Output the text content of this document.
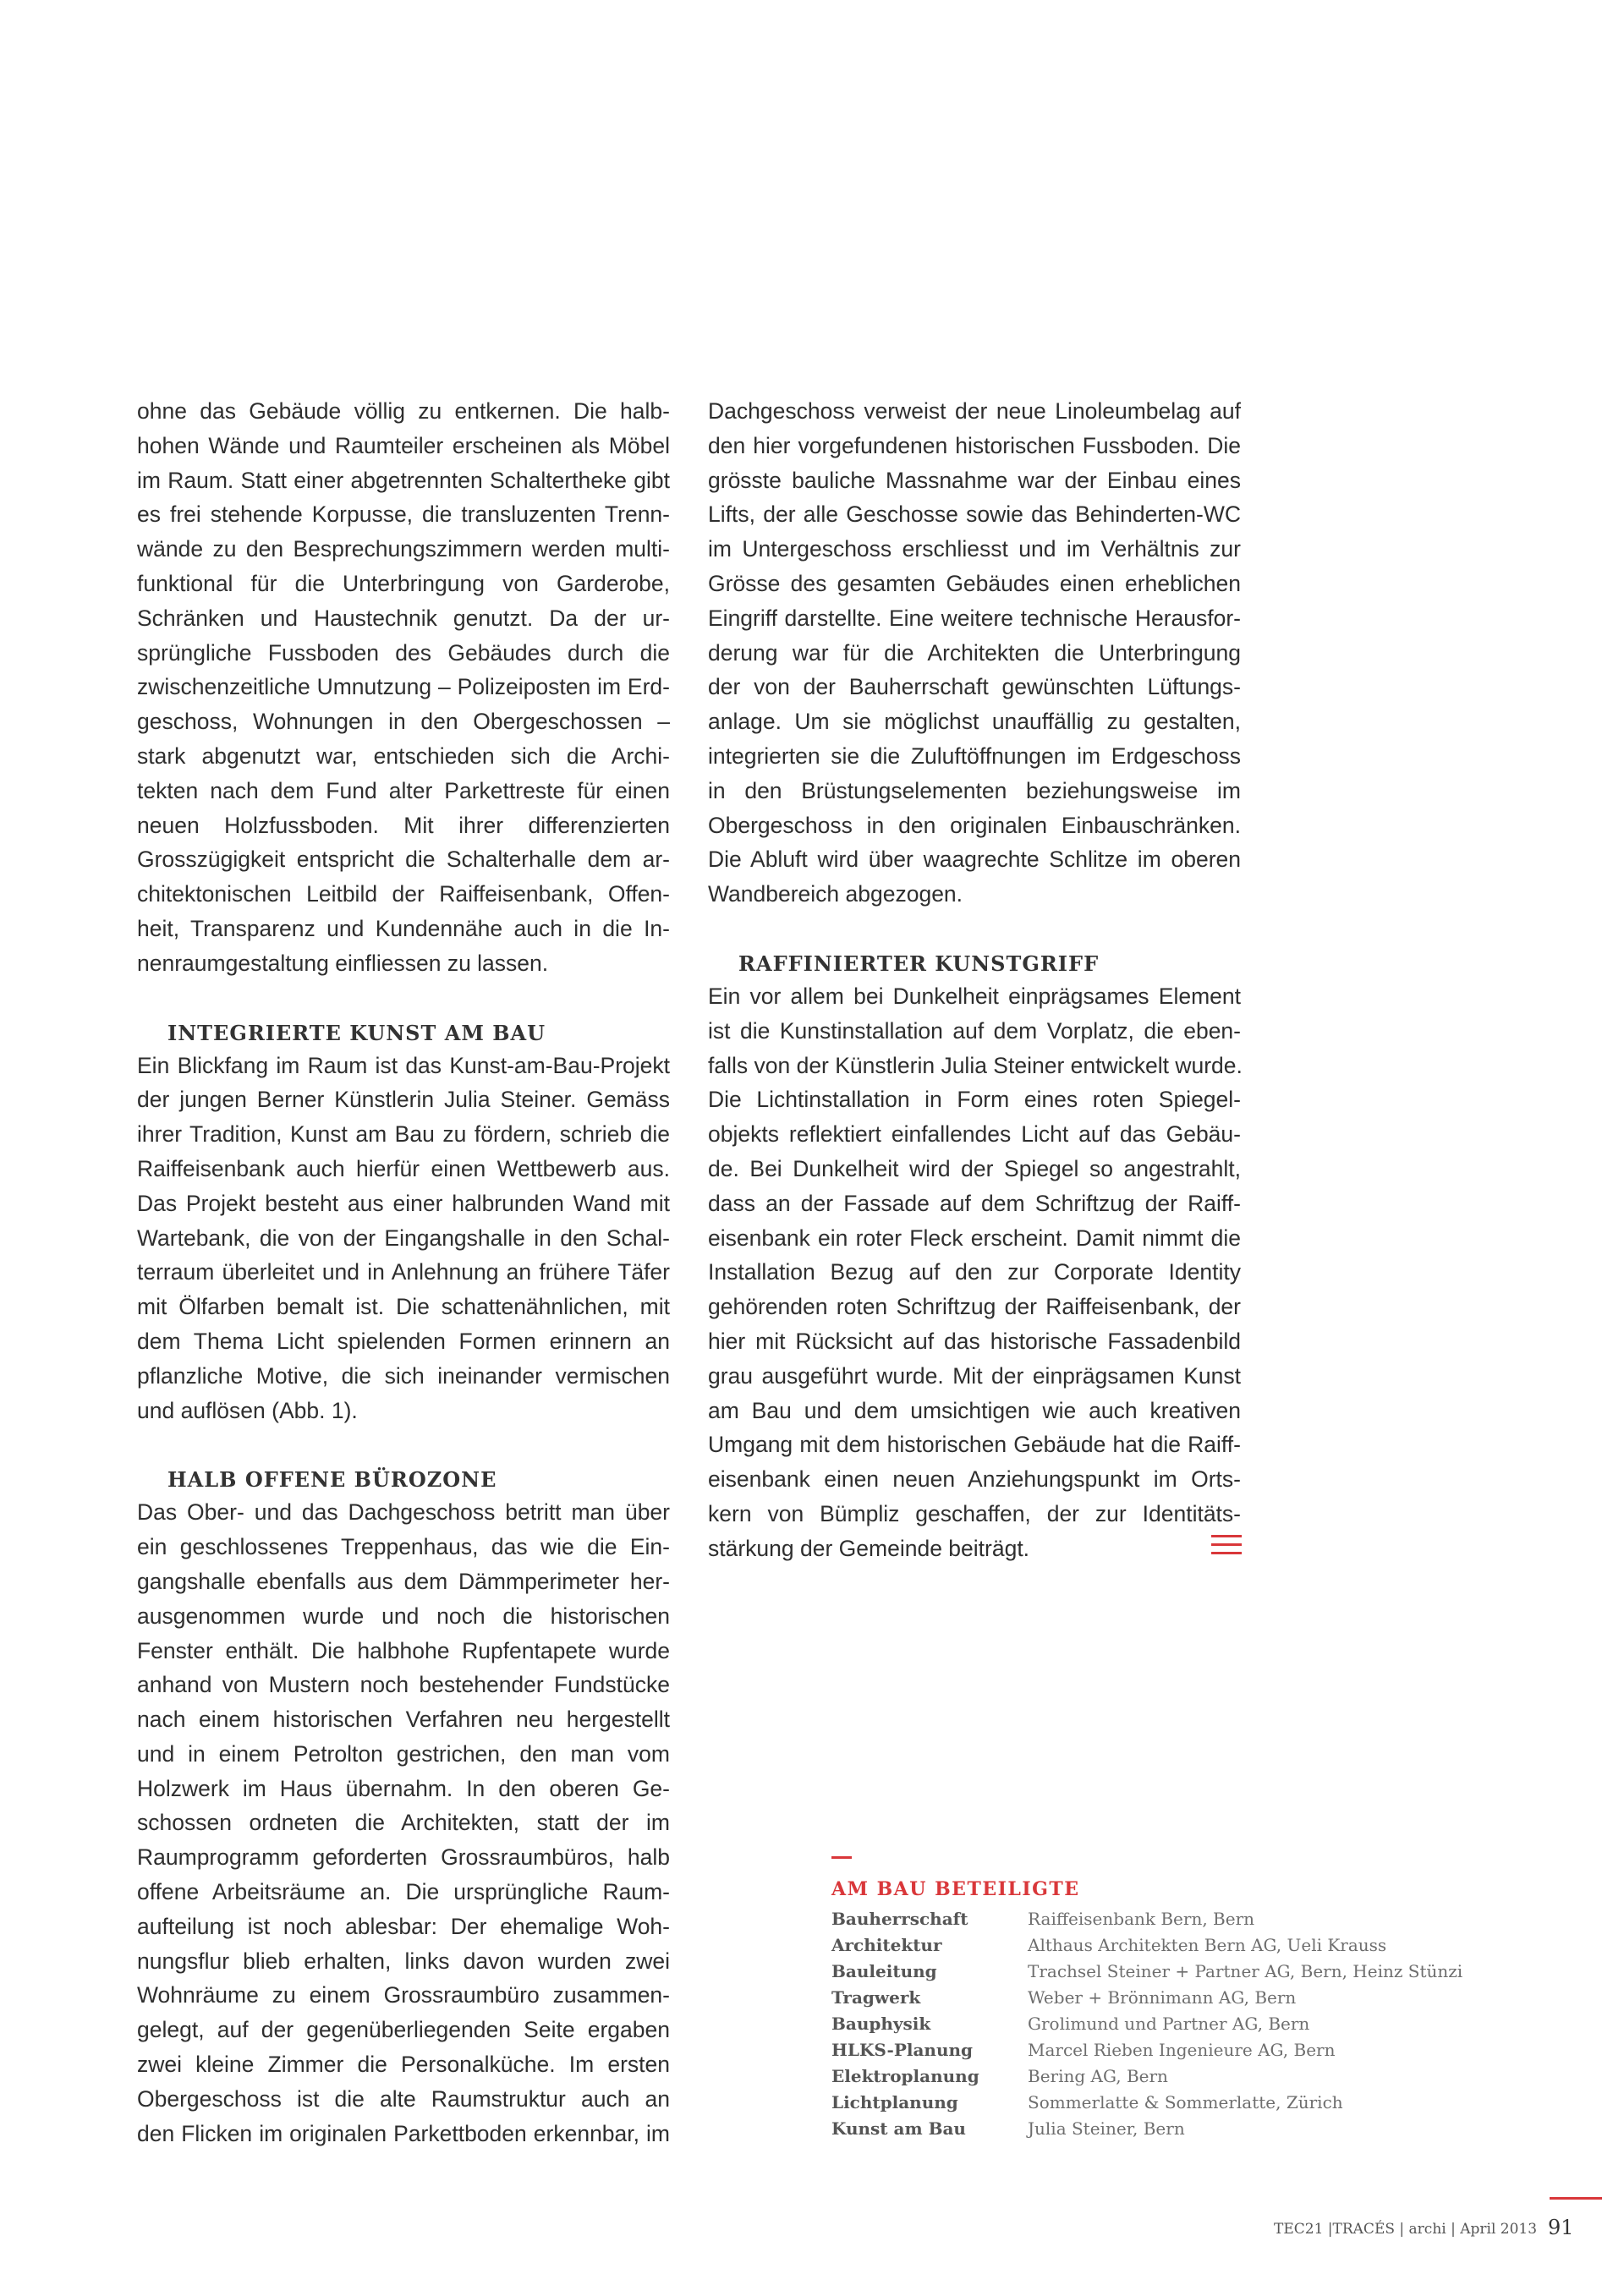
ohne das Gebäude völlig zu entkernen. Die halb-
hohen Wände und Raumteiler erscheinen als Möbel
im Raum. Statt einer abgetrennten Schaltertheke gibt
es frei stehende Korpusse, die transluzenten Trenn-
wände zu den Besprechungszimmern werden multi-
funktional für die Unterbringung von Garderobe,
Schränken und Haustechnik genutzt. Da der ur-
sprüngliche Fussboden des Gebäudes durch die
zwischenzeitliche Umnutzung – Polizeiposten im Erd-
geschoss, Wohnungen in den Obergeschossen –
stark abgenutzt war, entschieden sich die Archi-
tekten nach dem Fund alter Parkettreste für einen
neuen Holzfussboden. Mit ihrer differenzierten
Grosszügigkeit entspricht die Schalterhalle dem ar-
chitektonischen Leitbild der Raiffeisenbank, Offen-
heit, Transparenz und Kundennähe auch in die In-
nenraumgestaltung einfliessen zu lassen.

INTEGRIERTE KUNST AM BAU

Ein Blickfang im Raum ist das Kunst-am-Bau-Projekt
der jungen Berner Künstlerin Julia Steiner. Gemäss
ihrer Tradition, Kunst am Bau zu fördern, schrieb die
Raiffeisenbank auch hierfür einen Wettbewerb aus.
Das Projekt besteht aus einer halbrunden Wand mit
Wartebank, die von der Eingangshalle in den Schal-
terraum überleitet und in Anlehnung an frühere Täfer
mit Ölfarben bemalt ist. Die schattenähnlichen, mit
dem Thema Licht spielenden Formen erinnern an
pflanzliche Motive, die sich ineinander vermischen
und auflösen (Abb. 1).

HALB OFFENE BÜROZONE

Das Ober- und das Dachgeschoss betritt man über
ein geschlossenes Treppenhaus, das wie die Ein-
gangshalle ebenfalls aus dem Dämmperimeter her-
ausgenommen wurde und noch die historischen
Fenster enthält. Die halbhohe Rupfentapete wurde
anhand von Mustern noch bestehender Fundstücke
nach einem historischen Verfahren neu hergestellt
und in einem Petrolton gestrichen, den man vom
Holzwerk im Haus übernahm. In den oberen Ge-
schossen ordneten die Architekten, statt der im
Raumprogramm geforderten Grossraumbüros, halb
offene Arbeitsräume an. Die ursprüngliche Raum-
aufteilung ist noch ablesbar: Der ehemalige Woh-
nungsflur blieb erhalten, links davon wurden zwei
Wohnräume zu einem Grossraumbüro zusammen-
gelegt, auf der gegenüberliegenden Seite ergaben
zwei kleine Zimmer die Personalküche. Im ersten
Obergeschoss ist die alte Raumstruktur auch an
den Flicken im originalen Parkettboden erkennbar, im

Dachgeschoss verweist der neue Linoleumbelag auf
den hier vorgefundenen historischen Fussboden. Die
grösste bauliche Massnahme war der Einbau eines
Lifts, der alle Geschosse sowie das Behinderten-WC
im Untergeschoss erschliesst und im Verhältnis zur
Grösse des gesamten Gebäudes einen erheblichen
Eingriff darstellte. Eine weitere technische Herausfor-
derung war für die Architekten die Unterbringung
der von der Bauherrschaft gewünschten Lüftungs-
anlage. Um sie möglichst unauffällig zu gestalten,
integrierten sie die Zuluftöffnungen im Erdgeschoss
in den Brüstungselementen beziehungsweise im
Obergeschoss in den originalen Einbauschränken.
Die Abluft wird über waagrechte Schlitze im oberen
Wandbereich abgezogen.

RAFFINIERTER KUNSTGRIFF

Ein vor allem bei Dunkelheit einprägsames Element
ist die Kunstinstallation auf dem Vorplatz, die eben-
falls von der Künstlerin Julia Steiner entwickelt wurde.
Die Lichtinstallation in Form eines roten Spiegel-
objekts reflektiert einfallendes Licht auf das Gebäu-
de. Bei Dunkelheit wird der Spiegel so angestrahlt,
dass an der Fassade auf dem Schriftzug der Raiff-
eisenbank ein roter Fleck erscheint. Damit nimmt die
Installation Bezug auf den zur Corporate Identity
gehörenden roten Schriftzug der Raiffeisenbank, der
hier mit Rücksicht auf das historische Fassadenbild
grau ausgeführt wurde. Mit der einprägsamen Kunst
am Bau und dem umsichtigen wie auch kreativen
Umgang mit dem historischen Gebäude hat die Raiff-
eisenbank einen neuen Anziehungspunkt im Orts-
kern von Bümpliz geschaffen, der zur Identitäts-
stärkung der Gemeinde beiträgt.

AM BAU BETEILIGTE
Bauherrschaft	Raiffeisenbank Bern, Bern
Architektur	Althaus Architekten Bern AG, Ueli Krauss
Bauleitung	Trachsel Steiner + Partner AG, Bern, Heinz Stünzi
Tragwerk	Weber + Brönnimann AG, Bern
Bauphysik	Grolimund und Partner AG, Bern
HLKS-Planung	Marcel Rieben Ingenieure AG, Bern
Elektroplanung	Bering AG, Bern
Lichtplanung	Sommerlatte & Sommerlatte, Zürich
Kunst am Bau	Julia Steiner, Bern
TEC21 |TRACÉS | archi | April 2013 91
